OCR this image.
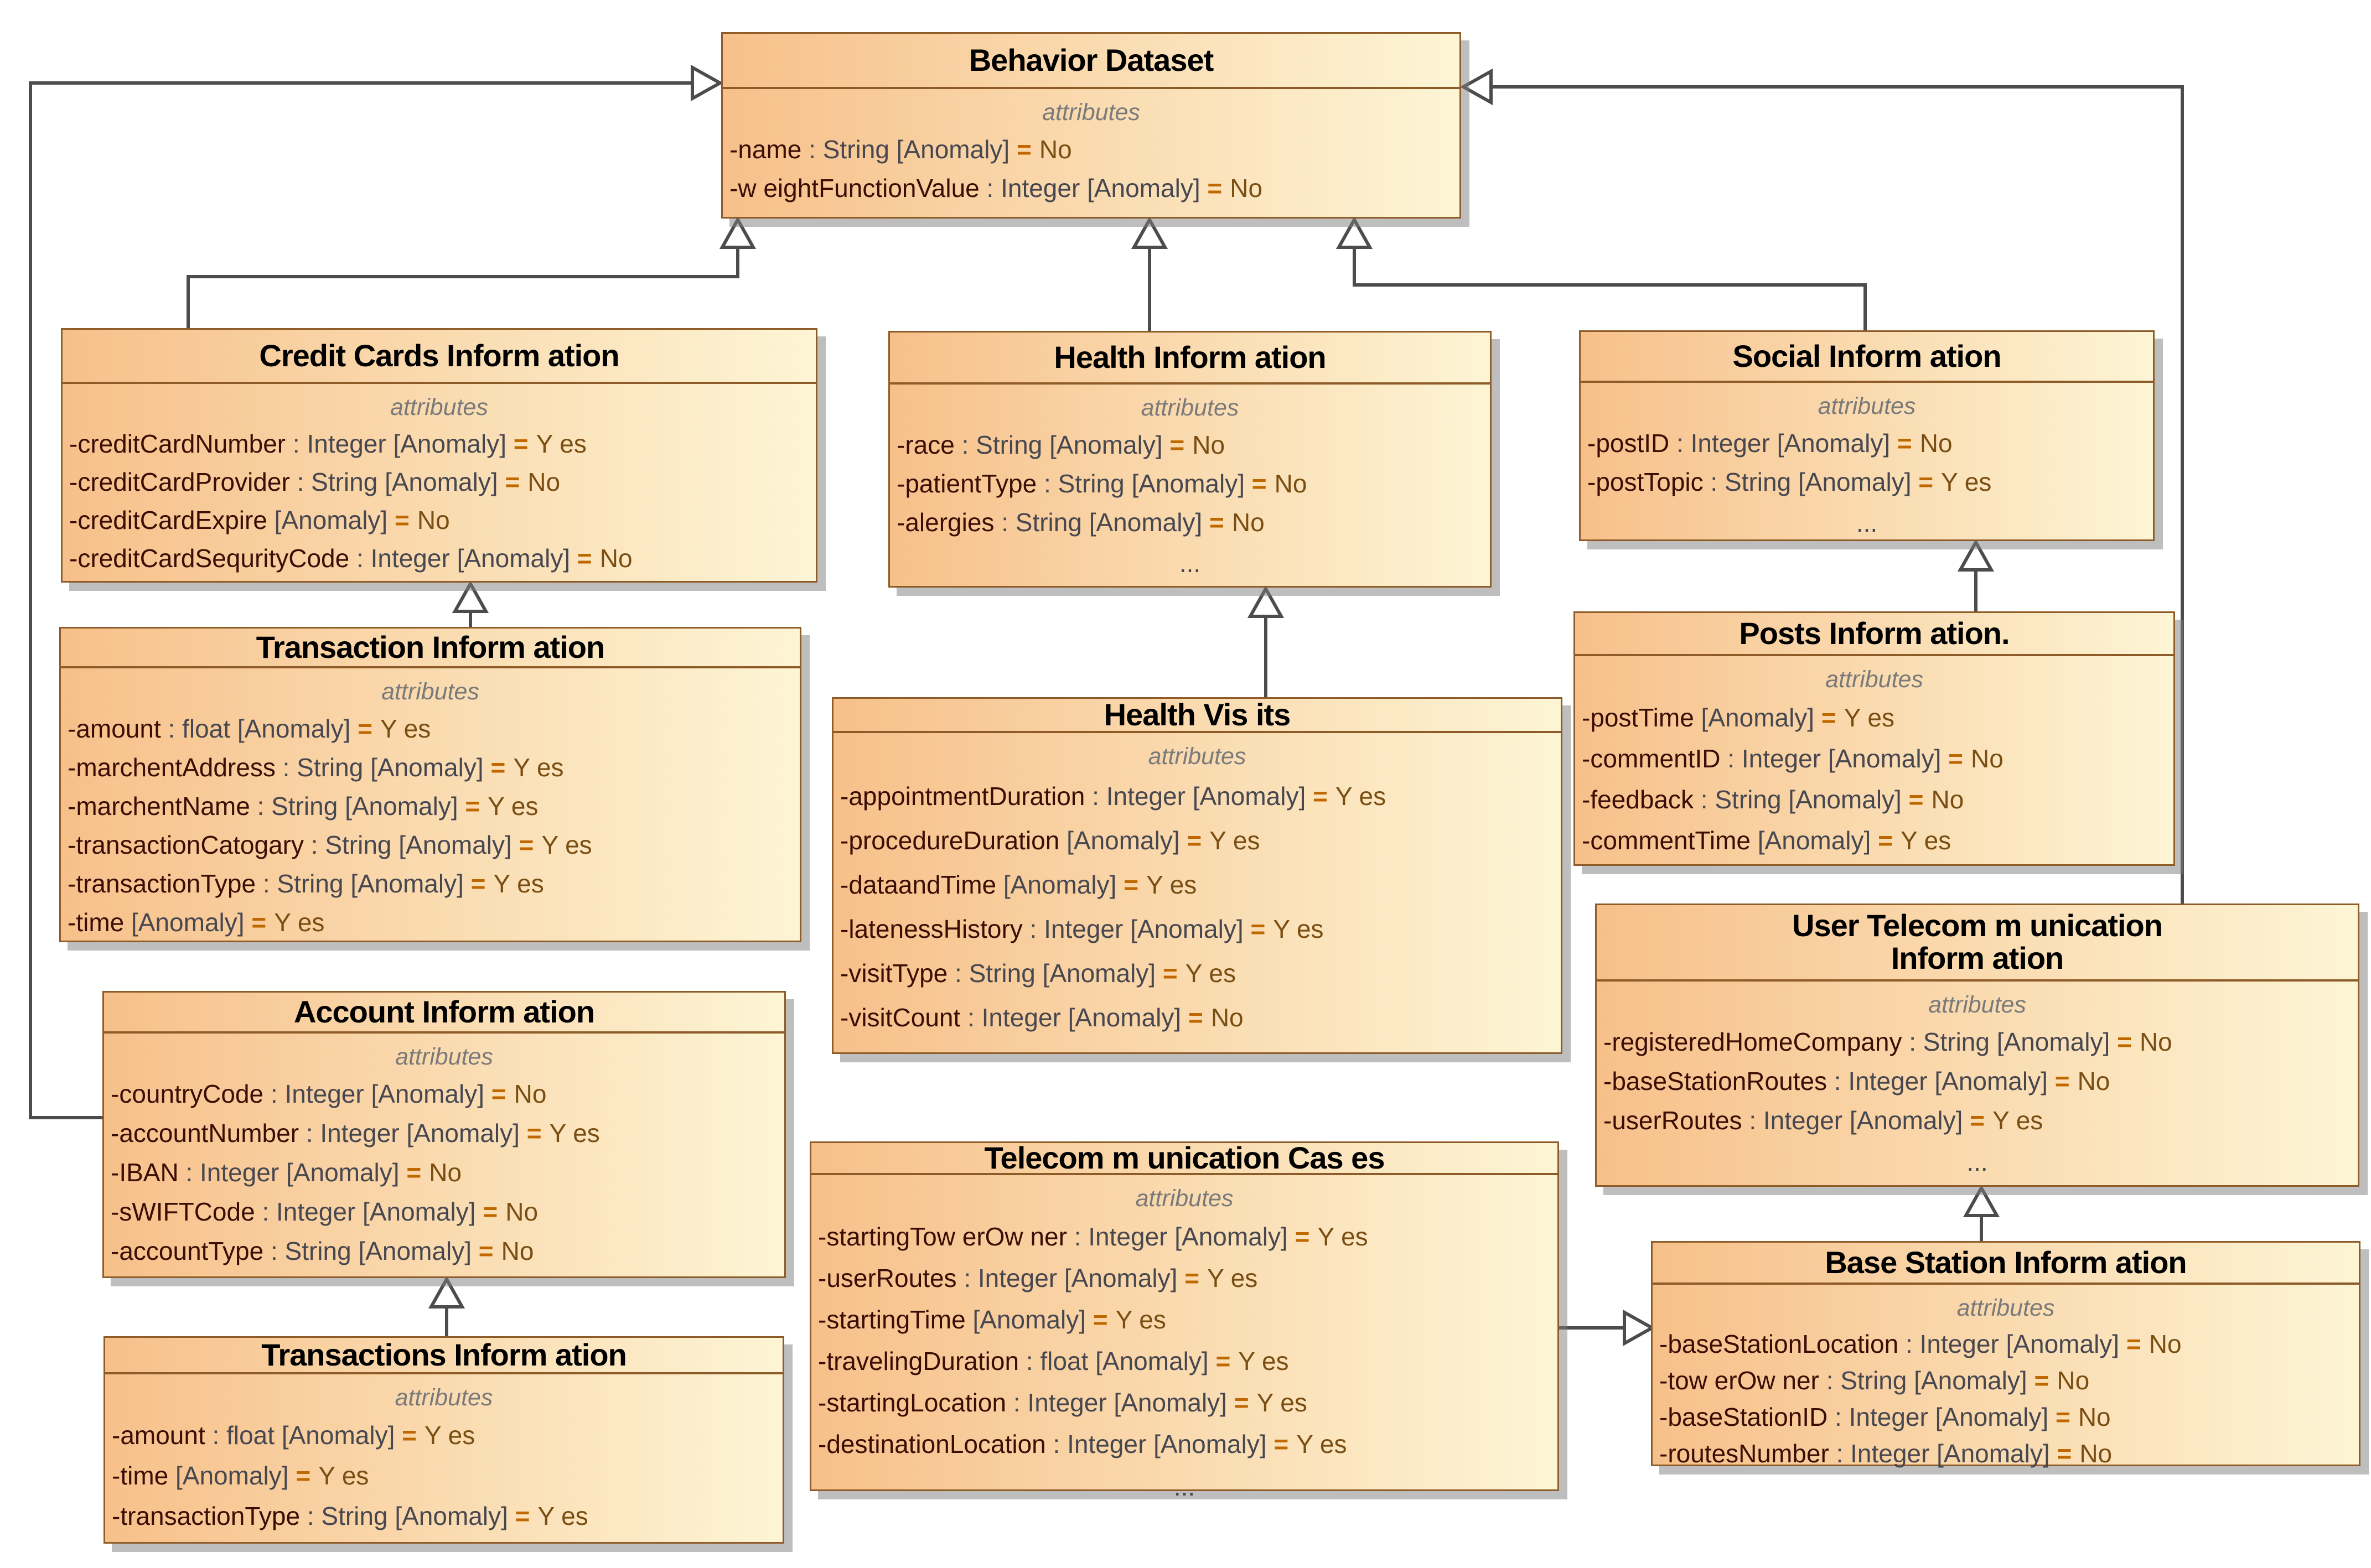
Behavior Dataset
attributes
-name : String [Anomaly] = No
-w eightFunctionValue : Integer [Anomaly] = No
Credit Cards Inform ation
attributes
-creditCardNumber : Integer [Anomaly] = Y es
-creditCardProvider : String [Anomaly] = No
-creditCardExpire [Anomaly] = No
-creditCardSequrityCode : Integer [Anomaly] = No
Transaction Inform ation
attributes
-amount : float [Anomaly] = Y es
-marchentAddress : String [Anomaly] = Y es
-marchentName : String [Anomaly] = Y es
-transactionCatogary : String [Anomaly] = Y es
-transactionType : String [Anomaly] = Y es
-time [Anomaly] = Y es
Account Inform ation
attributes
-countryCode : Integer [Anomaly] = No
-accountNumber : Integer [Anomaly] = Y es
-IBAN : Integer [Anomaly] = No
-sWIFTCode : Integer [Anomaly] = No
-accountType : String [Anomaly] = No
Transactions Inform ation
attributes
-amount : float [Anomaly] = Y es
-time [Anomaly] = Y es
-transactionType : String [Anomaly] = Y es
Health Inform ation
attributes
-race : String [Anomaly] = No
-patientType : String [Anomaly] = No
-alergies : String [Anomaly] = No
...
Health Vis its
attributes
-appointmentDuration : Integer [Anomaly] = Y es
-procedureDuration [Anomaly] = Y es
-dataandTime [Anomaly] = Y es
-latenessHistory : Integer [Anomaly] = Y es
-visitType : String [Anomaly] = Y es
-visitCount : Integer [Anomaly] = No
Social Inform ation
attributes
-postID : Integer [Anomaly] = No
-postTopic : String [Anomaly] = Y es
...
Posts Inform ation.
attributes
-postTime [Anomaly] = Y es
-commentID : Integer [Anomaly] = No
-feedback : String [Anomaly] = No
-commentTime [Anomaly] = Y es
User Telecom m unication
Inform ation
attributes
-registeredHomeCompany : String [Anomaly] = No
-baseStationRoutes : Integer [Anomaly] = No
-userRoutes : Integer [Anomaly] = Y es
...
Telecom m unication Cas es
attributes
-startingTow erOw ner : Integer [Anomaly] = Y es
-userRoutes : Integer [Anomaly] = Y es
-startingTime [Anomaly] = Y es
-travelingDuration : float [Anomaly] = Y es
-startingLocation : Integer [Anomaly] = Y es
-destinationLocation : Integer [Anomaly] = Y es
...
Base Station Inform ation
attributes
-baseStationLocation : Integer [Anomaly] = No
-tow erOw ner : String [Anomaly] = No
-baseStationID : Integer [Anomaly] = No
-routesNumber : Integer [Anomaly] = No
